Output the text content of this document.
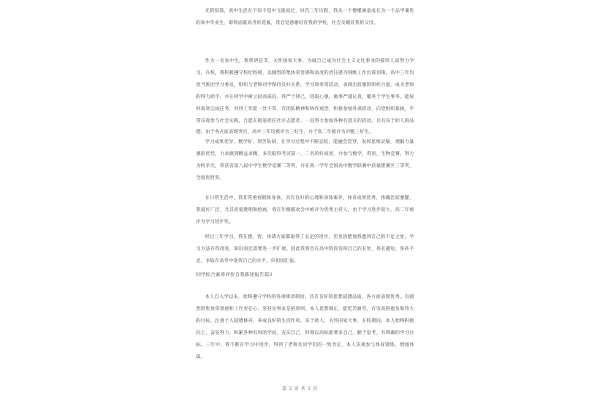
光阴似箭，高中生活在不知不觉中飞逝而过，回首三年历程，我从一个懵懂顽童成长为一个品学兼优的高中毕业生，即将面临高考的选拔，我自觉感谢培育我的学校，社会及哺育我的父母。

作为一名高中生，我明辨是非，关怀国家大事，为做自己成为社会主义文化事业的接班人而努力学习。在校，我积极遵守校纪校规，以刚烈的集体荣誉感和高度的责任感为班级工作出谋划策。高中三年均担当班团学习委员，组织与老师同学保持良好关系，学习效率常活动，表现出较强的组织力量，成为老师的得力助手，并在同学中树立较高威信。我严于律己，进取心强，做事严谨认真，服务于学生事务，能按时高效完成任务，对待工作能一丝不苟，有团队精神和协作观念，积极参加各项活动，向党组织靠拢，平常乐观参与社会实践，自愿在街道担任社区志愿者，一直努力参加各种有意义的活动，具有乐于助人的品德，由于各方面表现突出，高中三年均被评为三好生，并于高二年被评为市级三好生。

学习成果优异，数学好，刻苦钻研，在学习过程中不断总结，能融会贯穿，发挥思维灵敏，理解力量强的优势，力求做到精益求精，多次取得考试第一，二名的好成果，并参与数学，英语，生物竞赛，努力为校争光，荣获省第八届中学生数学竞赛二等奖，并在高一学年全国高中数学联赛中获福建赛区三等奖，全国优胜奖。

在日常生活中，我非常重视锻炼身体，具有良好的心理和身体素养，体育成果优秀，体魄比较强健，我爱好广泛，尤其喜爱歌唱和绘画，曾在年级联欢会中被评为优秀主持人，由于学习进步较大，高二年被评为学习进步奖。

经过三年学习，我在德，智，体诸方面都取得了长足的进步，但也清楚地熟悉到自己的不足之处，学习方法有待改进，知识面还需要进一步扩展。因此我将会在高中阶段发挥自己的长处，扬长避短，弥补不足，争取在高考中发挥自己的水平，向祖国汇报。

同学综合素养评价自我陈述报告篇3

本人自入学以来，始终遵守学校的各项规章制度，具有良好的思想道德品质，各方面表现优秀。有剧烈的集体荣誉感和工作责任心，坚持实事求是的原则。本人思想端正，能吃苦耐劳，有崇高的抱负和伟大的目标，注重个人道德修养，养成良好的生活作风，乐于助人，关怀国家大事。在校期间，本人始终积极向上，奋发努力，积累各种有用的学问，充实自己，时刻以高标准要求自己，勤于思考，有明确的学习目标。三年中，我不断在学习中进步，得到了老师及同学们的一致肯定，本人乐观参与体育锻炼，增强体质。

第 2 页 共 3 页
